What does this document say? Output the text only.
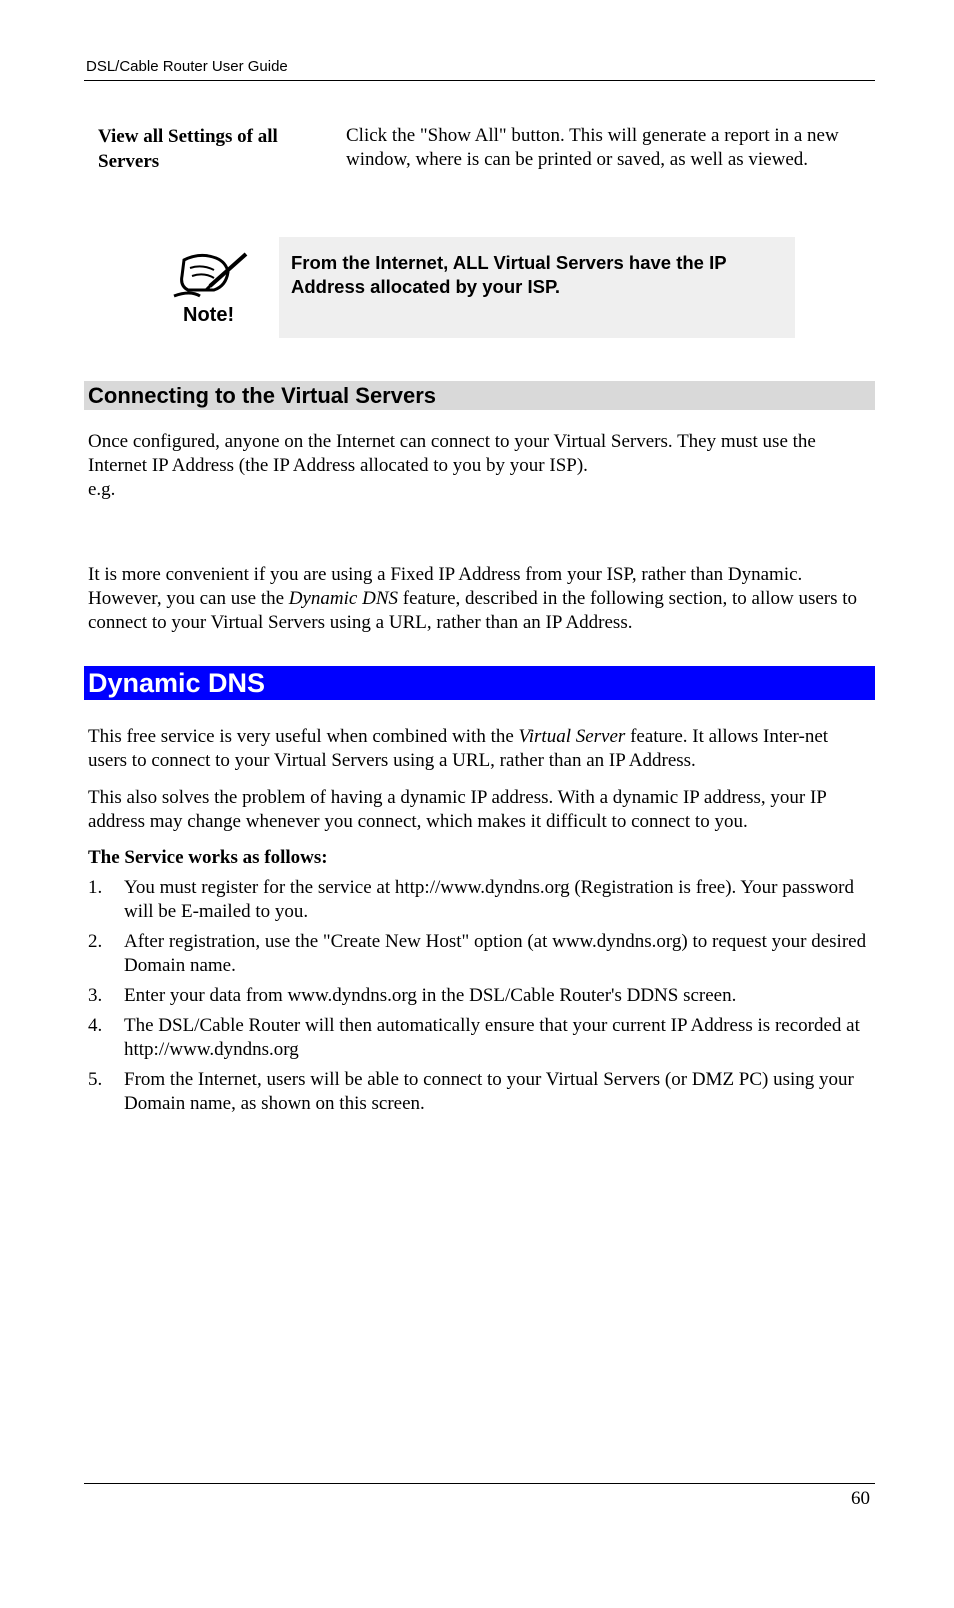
DSL/Cable Router User Guide
View all Settings of all Servers
Click the "Show All" button. This will generate a report in a new window, where is can be printed or saved, as well as viewed.
Note!
From the Internet, ALL Virtual Servers have the IP Address allocated by your ISP.
Connecting to the Virtual Servers
Once configured, anyone on the Internet can connect to your Virtual Servers. They must use the Internet IP Address (the IP Address allocated to you by your ISP).
e.g.
It is more convenient if you are using a Fixed IP Address from your ISP, rather than Dynamic. However, you can use the Dynamic DNS feature, described in the following section, to allow users to connect to your Virtual Servers using a URL, rather than an IP Address.
Dynamic DNS
This free service is very useful when combined with the Virtual Server feature. It allows Inter-net users to connect to your Virtual Servers using a URL, rather than an IP Address.
This also solves the problem of having a dynamic IP address. With a dynamic IP address, your IP address may change whenever you connect, which makes it difficult to connect to you.
The Service works as follows:
1. You must register for the service at http://www.dyndns.org (Registration is free). Your password will be E-mailed to you.
2. After registration, use the "Create New Host" option (at www.dyndns.org) to request your desired Domain name.
3. Enter your data from www.dyndns.org in the DSL/Cable Router's DDNS screen.
4. The DSL/Cable Router will then automatically ensure that your current IP Address is recorded at http://www.dyndns.org
5. From the Internet, users will be able to connect to your Virtual Servers (or DMZ PC) using your Domain name, as shown on this screen.
60
